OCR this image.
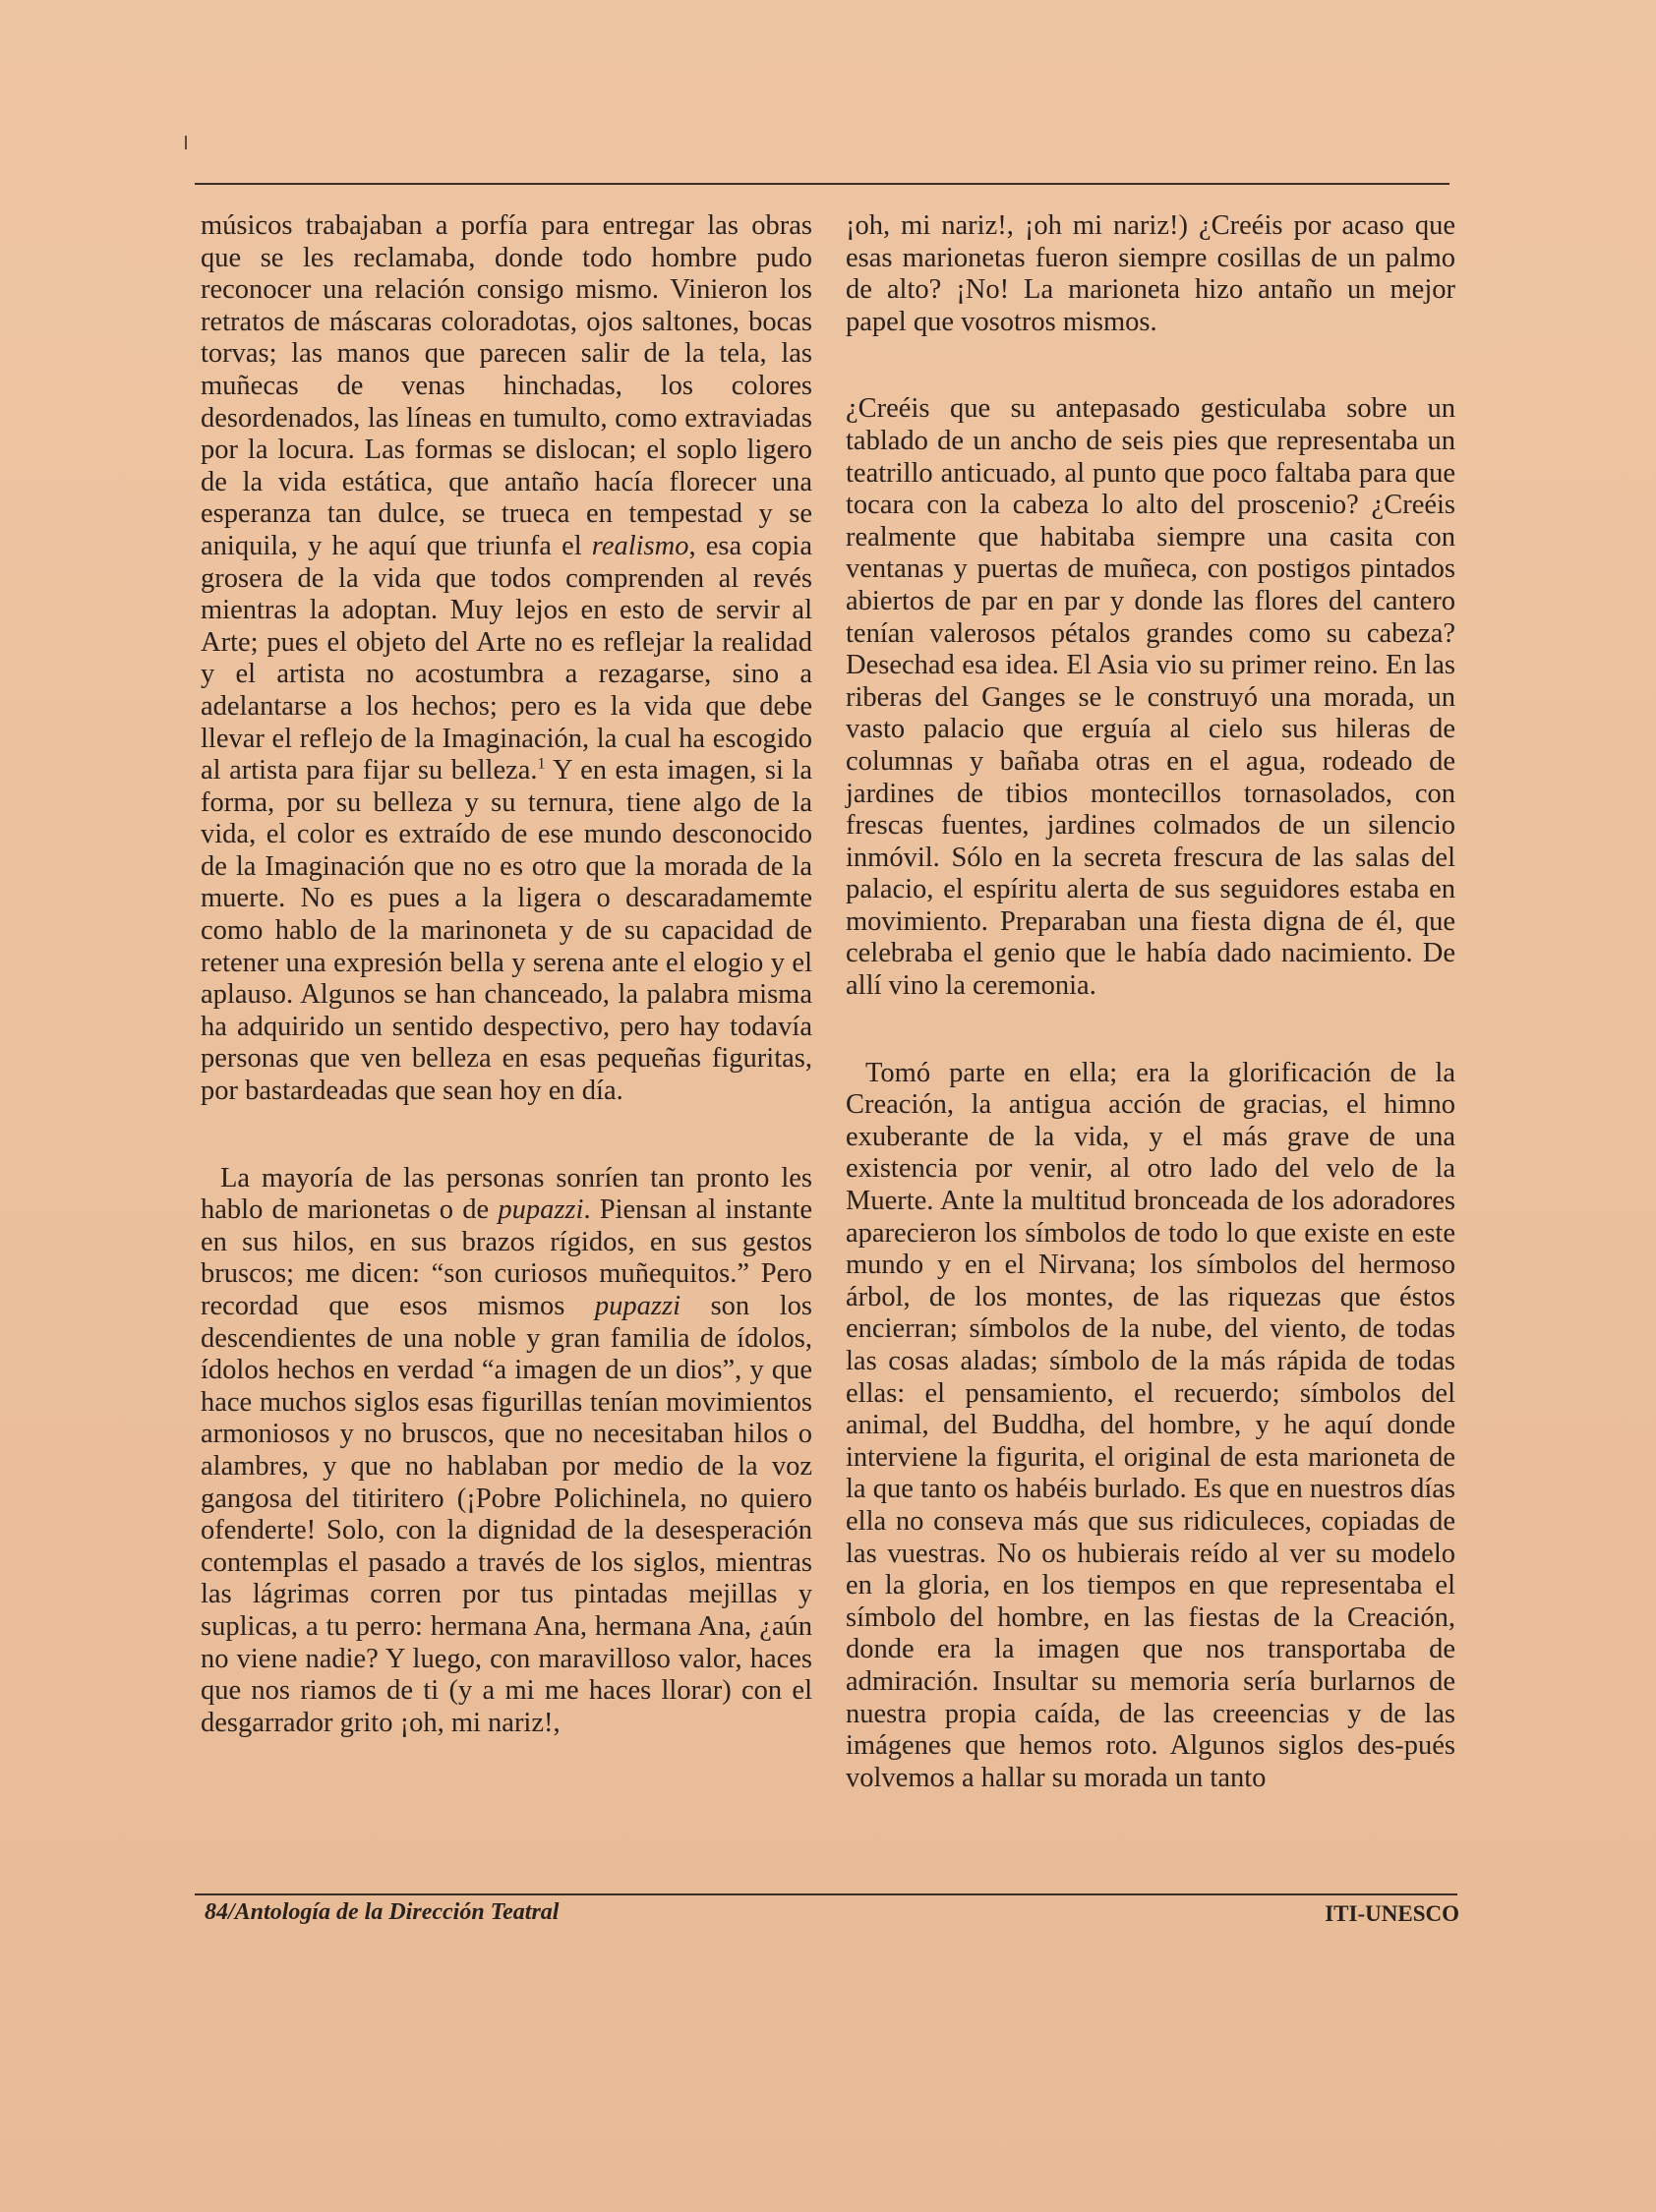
músicos trabajaban a porfía para entregar las obras que se les reclamaba, donde todo hombre pudo reconocer una relación consigo mismo. Vinieron los retratos de máscaras coloradotas, ojos saltones, bocas torvas; las manos que parecen salir de la tela, las muñecas de venas hinchadas, los colores desordenados, las líneas en tumulto, como extraviadas por la locura. Las formas se dislocan; el soplo ligero de la vida estática, que antaño hacía florecer una esperanza tan dulce, se trueca en tempestad y se aniquila, y he aquí que triunfa el realismo, esa copia grosera de la vida que todos comprenden al revés mientras la adoptan. Muy lejos en esto de servir al Arte; pues el objeto del Arte no es reflejar la realidad y el artista no acostumbra a rezagarse, sino a adelantarse a los hechos; pero es la vida que debe llevar el reflejo de la Imaginación, la cual ha escogido al artista para fijar su belleza.$^1$ Y en esta imagen, si la forma, por su belleza y su ternura, tiene algo de la vida, el color es extraído de ese mundo desconocido de la Imaginación que no es otro que la morada de la muerte. No es pues a la ligera o descaradamemte como hablo de la marinoneta y de su capacidad de retener una expresión bella y serena ante el elogio y el aplauso. Algunos se han chanceado, la palabra misma ha adquirido un sentido despectivo, pero hay todavía personas que ven belleza en esas pequeñas figuritas, por bastardeadas que sean hoy en día.

La mayoría de las personas sonríen tan pronto les hablo de marionetas o de pupazzi. Piensan al instante en sus hilos, en sus brazos rígidos, en sus gestos bruscos; me dicen: “son curiosos muñequitos.” Pero recordad que esos mismos pupazzi son los descendientes de una noble y gran familia de ídolos, ídolos hechos en verdad “a imagen de un dios”, y que hace muchos siglos esas figurillas tenían movimientos armoniosos y no bruscos, que no necesitaban hilos o alambres, y que no hablaban por medio de la voz gangosa del titiritero (¡Pobre Polichinela, no quiero ofenderte! Solo, con la dignidad de la desesperación contemplas el pasado a través de los siglos, mientras las lágrimas corren por tus pintadas mejillas y suplicas, a tu perro: hermana Ana, hermana Ana, ¿aún no viene nadie? Y luego, con maravilloso valor, haces que nos riamos de ti (y a mi me haces llorar) con el desgarrador grito ¡oh, mi nariz!,

¡oh, mi nariz!, ¡oh mi nariz!) ¿Creéis por acaso que esas marionetas fueron siempre cosillas de un palmo de alto? ¡No! La marioneta hizo antaño un mejor papel que vosotros mismos.

¿Creéis que su antepasado gesticulaba sobre un tablado de un ancho de seis pies que representaba un teatrillo anticuado, al punto que poco faltaba para que tocara con la cabeza lo alto del proscenio? ¿Creéis realmente que habitaba siempre una casita con ventanas y puertas de muñeca, con postigos pintados abiertos de par en par y donde las flores del cantero tenían valerosos pétalos grandes como su cabeza? Desechad esa idea. El Asia vio su primer reino. En las riberas del Ganges se le construyó una morada, un vasto palacio que erguía al cielo sus hileras de columnas y bañaba otras en el agua, rodeado de jardines de tibios montecillos tornasolados, con frescas fuentes, jardines colmados de un silencio inmóvil. Sólo en la secreta frescura de las salas del palacio, el espíritu alerta de sus seguidores estaba en movimiento. Preparaban una fiesta digna de él, que celebraba el genio que le había dado nacimiento. De allí vino la ceremonia.

Tomó parte en ella; era la glorificación de la Creación, la antigua acción de gracias, el himno exuberante de la vida, y el más grave de una existencia por venir, al otro lado del velo de la Muerte. Ante la multitud bronceada de los adoradores aparecieron los símbolos de todo lo que existe en este mundo y en el Nirvana; los símbolos del hermoso árbol, de los montes, de las riquezas que éstos encierran; símbolos de la nube, del viento, de todas las cosas aladas; símbolo de la más rápida de todas ellas: el pensamiento, el recuerdo; símbolos del animal, del Buddha, del hombre, y he aquí donde interviene la figurita, el original de esta marioneta de la que tanto os habéis burlado. Es que en nuestros días ella no conseva más que sus ridiculeces, copiadas de las vuestras. No os hubierais reído al ver su modelo en la gloria, en los tiempos en que representaba el símbolo del hombre, en las fiestas de la Creación, donde era la imagen que nos transportaba de admiración. Insultar su memoria sería burlarnos de nuestra propia caída, de las creeencias y de las imágenes que hemos roto. Algunos siglos des-pués volvemos a hallar su morada un tanto

84/Antología de la Dirección Teatral	ITI-UNESCO
